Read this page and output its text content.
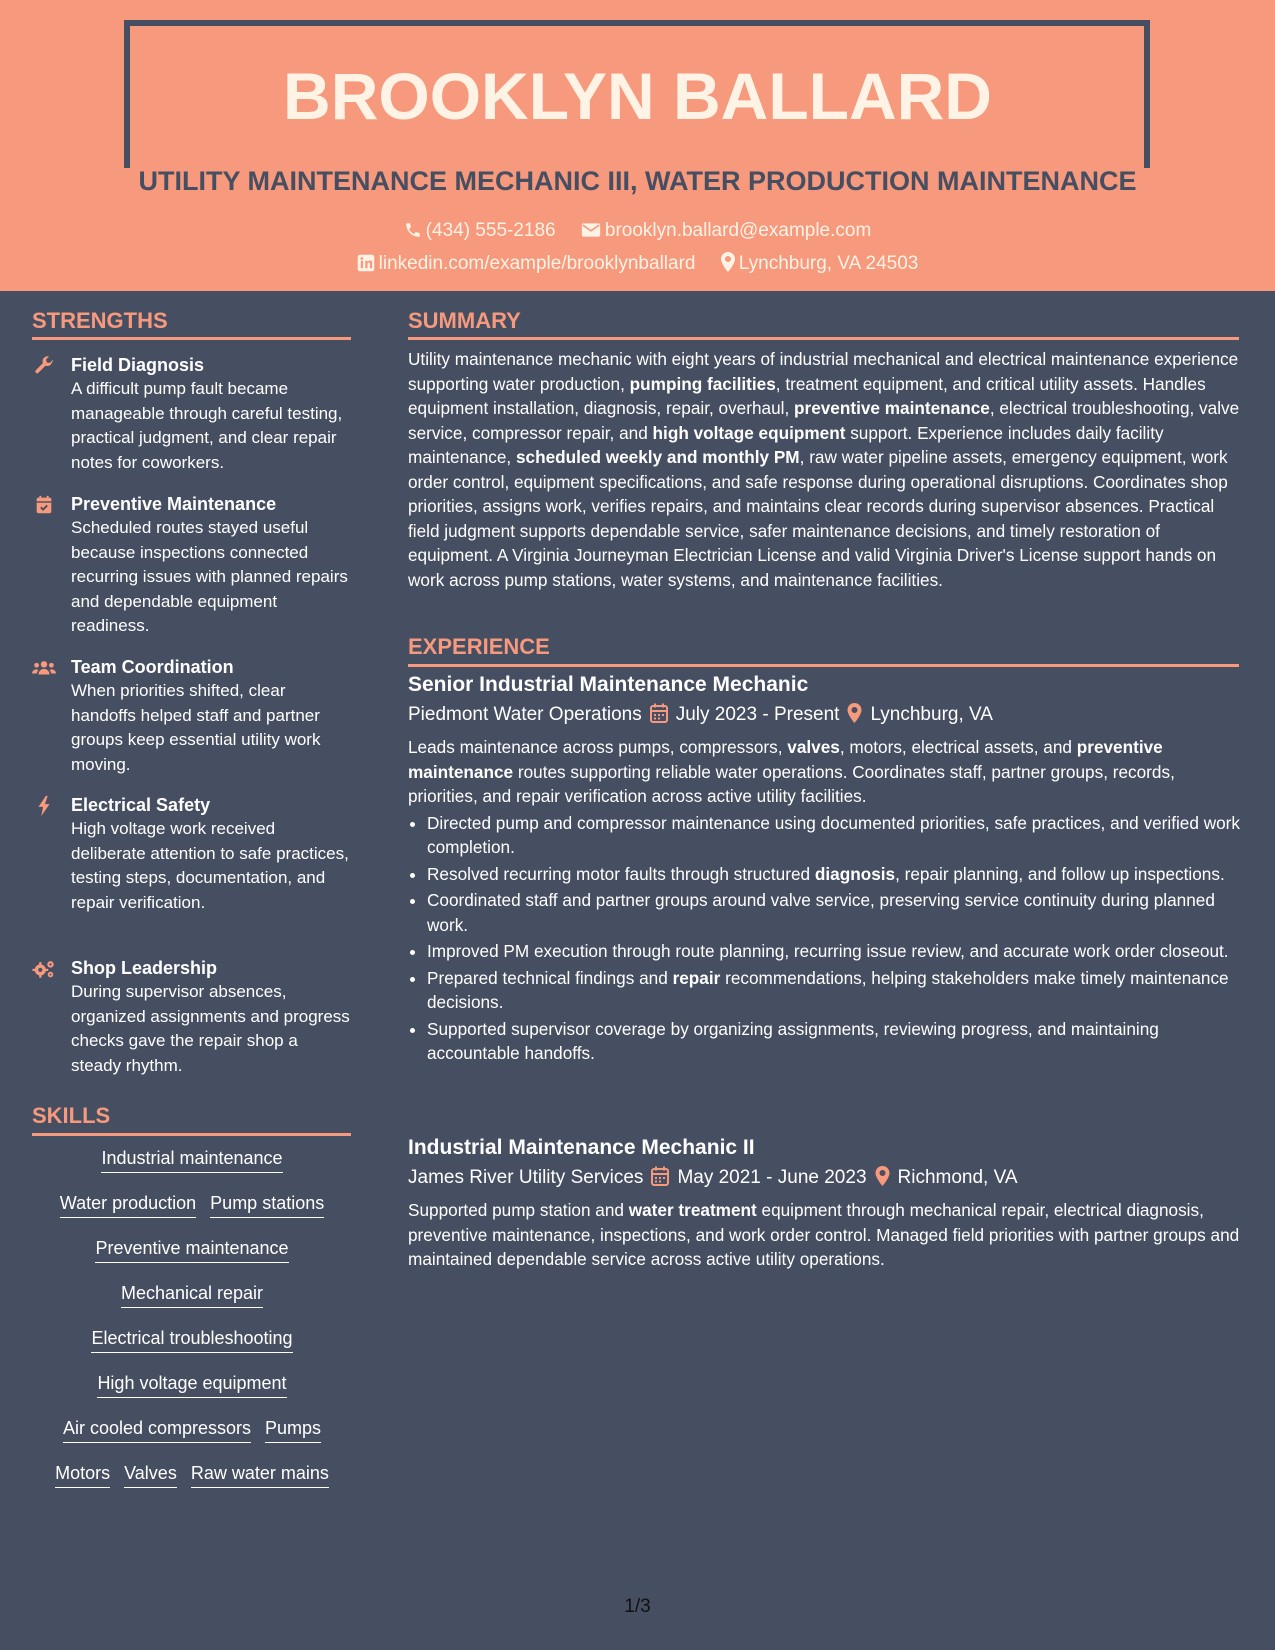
BROOKLYN BALLARD
UTILITY MAINTENANCE MECHANIC III, WATER PRODUCTION MAINTENANCE
(434) 555-2186	brooklyn.ballard@example.com
linkedin.com/example/brooklynballard Lynchburg, VA 24503
STRENGTHS
Field Diagnosis
A difficult pump fault became manageable through careful testing, practical judgment, and clear repair notes for coworkers.
Preventive Maintenance
Scheduled routes stayed useful because inspections connected recurring issues with planned repairs and dependable equipment readiness.
Team Coordination
When priorities shifted, clear handoffs helped staff and partner groups keep essential utility work moving.
Electrical Safety
High voltage work received deliberate attention to safe practices, testing steps, documentation, and repair verification.
Shop Leadership
During supervisor absences, organized assignments and progress checks gave the repair shop a steady rhythm.
SKILLS
Industrial maintenance
Water production Pump stations
Preventive maintenance
Mechanical repair
Electrical troubleshooting
High voltage equipment
Air cooled compressors Pumps
Motors Valves Raw water mains
SUMMARY

Utility maintenance mechanic with eight years of industrial mechanical and electrical maintenance experience supporting water production, pumping facilities, treatment equipment, and critical utility assets. Handles equipment installation, diagnosis, repair, overhaul, preventive maintenance, electrical troubleshooting, valve service, compressor repair, and high voltage equipment support. Experience includes daily facility maintenance, scheduled weekly and monthly PM, raw water pipeline assets, emergency equipment, work order control, equipment specifications, and safe response during operational disruptions. Coordinates shop priorities, assigns work, verifies repairs, and maintains clear records during supervisor absences. Practical field judgment supports dependable service, safer maintenance decisions, and timely restoration of equipment. A Virginia Journeyman Electrician License and valid Virginia Driver's License support hands on work across pump stations, water systems, and maintenance facilities.

EXPERIENCE
Senior Industrial Maintenance Mechanic
Piedmont Water Operations July 2023 - Present Lynchburg, VA

Leads maintenance across pumps, compressors, valves, motors, electrical assets, and preventive maintenance routes supporting reliable water operations. Coordinates staff, partner groups, records, priorities, and repair verification across active utility facilities.

• Directed pump and compressor maintenance using documented priorities, safe practices, and verified work completion.
• Resolved recurring motor faults through structured diagnosis, repair planning, and follow up inspections.
• Coordinated staff and partner groups around valve service, preserving service continuity during planned work.
• Improved PM execution through route planning, recurring issue review, and accurate work order closeout.
• Prepared technical findings and repair recommendations, helping stakeholders make timely maintenance decisions.
• Supported supervisor coverage by organizing assignments, reviewing progress, and maintaining accountable handoffs.
Industrial Maintenance Mechanic II
James River Utility Services May 2021 - June 2023 Richmond, VA

Supported pump station and water treatment equipment through mechanical repair, electrical diagnosis, preventive maintenance, inspections, and work order control. Managed field priorities with partner groups and maintained dependable service across active utility operations.

1/3
